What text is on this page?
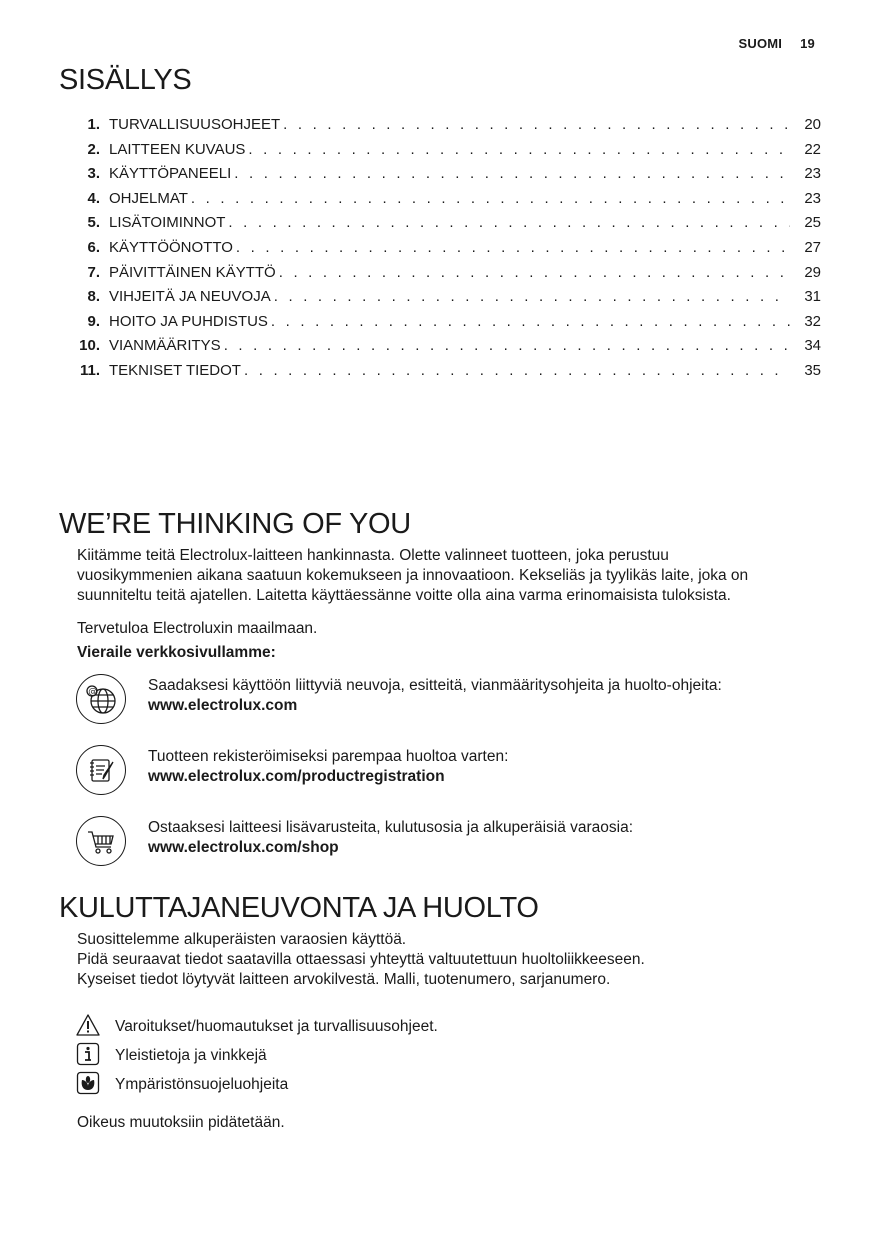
SUOMI 19
SISÄLLYS
1. TURVALLISUUSOHJEET . . .	20
2. LAITTEEN KUVAUS . . .	22
3. KÄYTTÖPANEELI . . .	23
4. OHJELMAT . . .	23
5. LISÄTOIMINNOT . . .	25
6. KÄYTTÖÖNOTTO . . .	27
7. PÄIVITTÄINEN KÄYTTÖ . . .	29
8. VIHJEITÄ JA NEUVOJA . . .	31
9. HOITO JA PUHDISTUS . . .	32
10. VIANMÄÄRITYS . . .	34
11. TEKNISET TIEDOT . . .	35
WE’RE THINKING OF YOU
Kiitämme teitä Electrolux-laitteen hankinnasta. Olette valinneet tuotteen, joka perustuu
vuosikymmenien aikana saatuun kokemukseen ja innovaatioon. Kekseliäs ja tyylikäs laite, joka on
suunniteltu teitä ajatellen. Laitetta käyttäessänne voitte olla aina varma erinomaisista tuloksista.
Tervetuloa Electroluxin maailmaan.
Vieraile verkkosivullamme:
@	Saadaksesi käyttöön liittyviä neuvoja, esitteitä, vianmääritysohjeita ja huolto-ohjeita:
www.electrolux.com
Tuotteen rekisteröimiseksi parempaa huoltoa varten:
www.electrolux.com/productregistration
Ostaaksesi laitteesi lisävarusteita, kulutusosia ja alkuperäisiä varaosia:
www.electrolux.com/shop
KULUTTAJANEUVONTA JA HUOLTO
Suosittelemme alkuperäisten varaosien käyttöä.
Pidä seuraavat tiedot saatavilla ottaessasi yhteyttä valtuutettuun huoltoliikkeeseen.
Kyseiset tiedot löytyvät laitteen arvokilvestä. Malli, tuotenumero, sarjanumero.
Varoitukset/huomautukset ja turvallisuusohjeet.
Yleistietoja ja vinkkejä
Ympäristönsuojeluohjeita
Oikeus muutoksiin pidätetään.
